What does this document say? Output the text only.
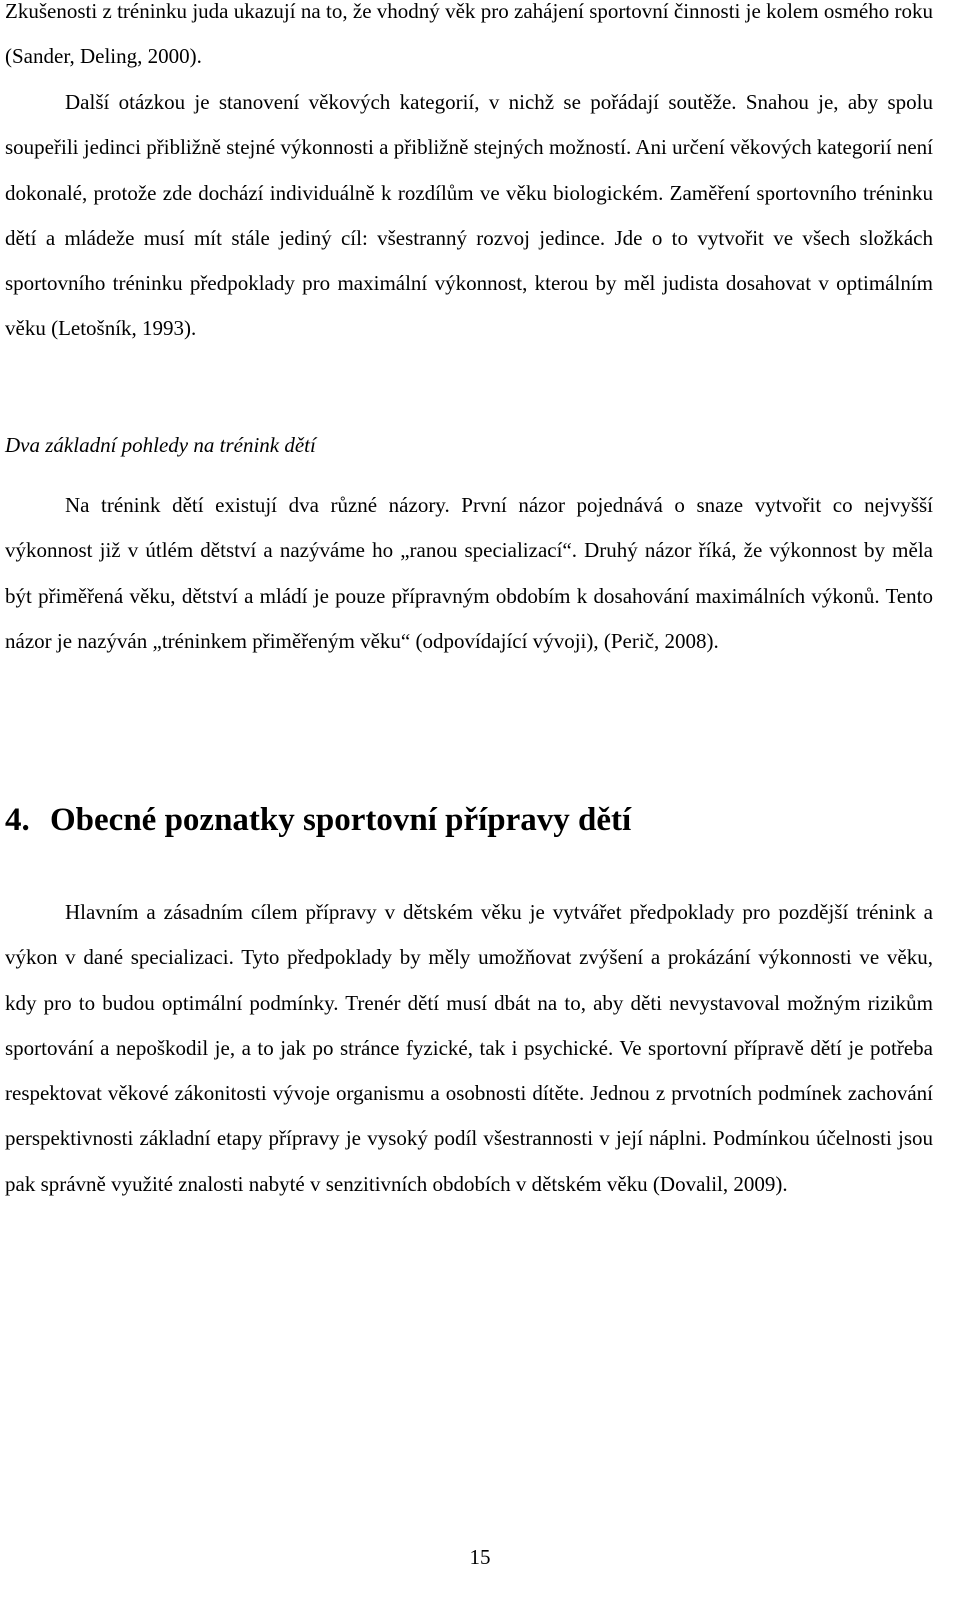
Zkušenosti z tréninku juda ukazují na to, že vhodný věk pro zahájení sportovní činnosti je kolem osmého roku (Sander, Deling, 2000).

Další otázkou je stanovení věkových kategorií, v nichž se pořádají soutěže. Snahou je, aby spolu soupeřili jedinci přibližně stejné výkonnosti a přibližně stejných možností. Ani určení věkových kategorií není dokonalé, protože zde dochází individuálně k rozdílům ve věku biologickém. Zaměření sportovního tréninku dětí a mládeže musí mít stále jediný cíl: všestranný rozvoj jedince. Jde o to vytvořit ve všech složkách sportovního tréninku předpoklady pro maximální výkonnost, kterou by měl judista dosahovat v optimálním věku (Letošník, 1993).

Dva základní pohledy na trénink dětí

Na trénink dětí existují dva různé názory. První názor pojednává o snaze vytvořit co nejvyšší výkonnost již v útlém dětství a nazýváme ho „ranou specializací“. Druhý názor říká, že výkonnost by měla být přiměřená věku, dětství a mládí je pouze přípravným obdobím k dosahování maximálních výkonů. Tento názor je nazýván „tréninkem přiměřeným věku“ (odpovídající vývoji), (Perič, 2008).

4. Obecné poznatky sportovní přípravy dětí

Hlavním a zásadním cílem přípravy v dětském věku je vytvářet předpoklady pro pozdější trénink a výkon v dané specializaci. Tyto předpoklady by měly umožňovat zvýšení a prokázání výkonnosti ve věku, kdy pro to budou optimální podmínky. Trenér dětí musí dbát na to, aby děti nevystavoval možným rizikům sportování a nepoškodil je, a to jak po stránce fyzické, tak i psychické. Ve sportovní přípravě dětí je potřeba respektovat věkové zákonitosti vývoje organismu a osobnosti dítěte. Jednou z prvotních podmínek zachování perspektivnosti základní etapy přípravy je vysoký podíl všestrannosti v její náplni. Podmínkou účelnosti jsou pak správně využité znalosti nabyté v senzitivních obdobích v dětském věku (Dovalil, 2009).

15
